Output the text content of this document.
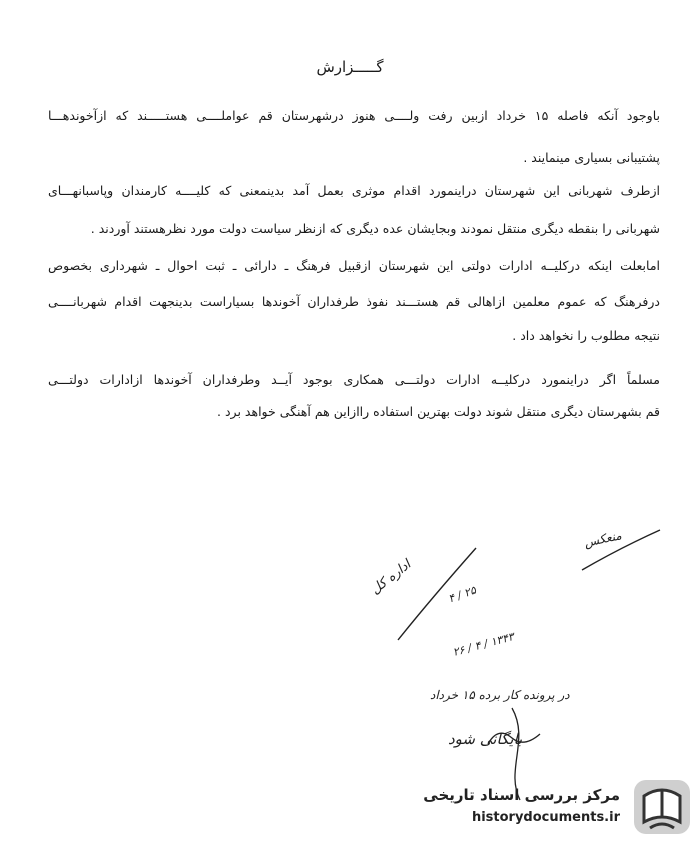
گـــــزارش
باوجود آنکه فاصله ۱۵ خرداد ازبین رفت ولــــی هنوز درشهرستان قم عواملــــی هستـــــند که ازآخوندهـــا
پشتیبانی بسیاری مینمایند .
ازطرف شهربانی این شهرستان دراینمورد اقدام موثری بعمل آمد بدینمعنی که کلیــــه کارمندان وپاسبانهـــای
شهربانی را بنقطه دیگری منتقل نمودند وبجایشان عده دیگری که ازنظر سیاست دولت مورد نظرهستند آوردند .
امابعلت اینکه درکلیــه ادارات دولتی این شهرستان ازقبیل فرهنگ ـ دارائی ـ ثبت احوال ـ شهرداری بخصوص
درفرهنگ که عموم معلمین ازاهالی قم هستـــند نفوذ طرفداران آخوندها بسیاراست بدینجهت اقدام شهربانــــی
نتیجه مطلوب را نخواهد داد .
مسلماً اگر دراینمورد درکلیــه ادارات دولتـــی همکاری بوجود آیــد وطرفداران آخوندها ازادارات دولتـــی
قم بشهرستان دیگری منتقل شوند دولت بهترین استفاده راازاین هم آهنگی خواهد برد .
منعکس
اداره کل
۲۵ / ۴
۱۳۴۳ / ۴ / ۲۶
در پرونده کار برده ۱۵ خرداد
بایگانی شود
مرکز بررسی اسناد تاریخی
historydocuments.ir
